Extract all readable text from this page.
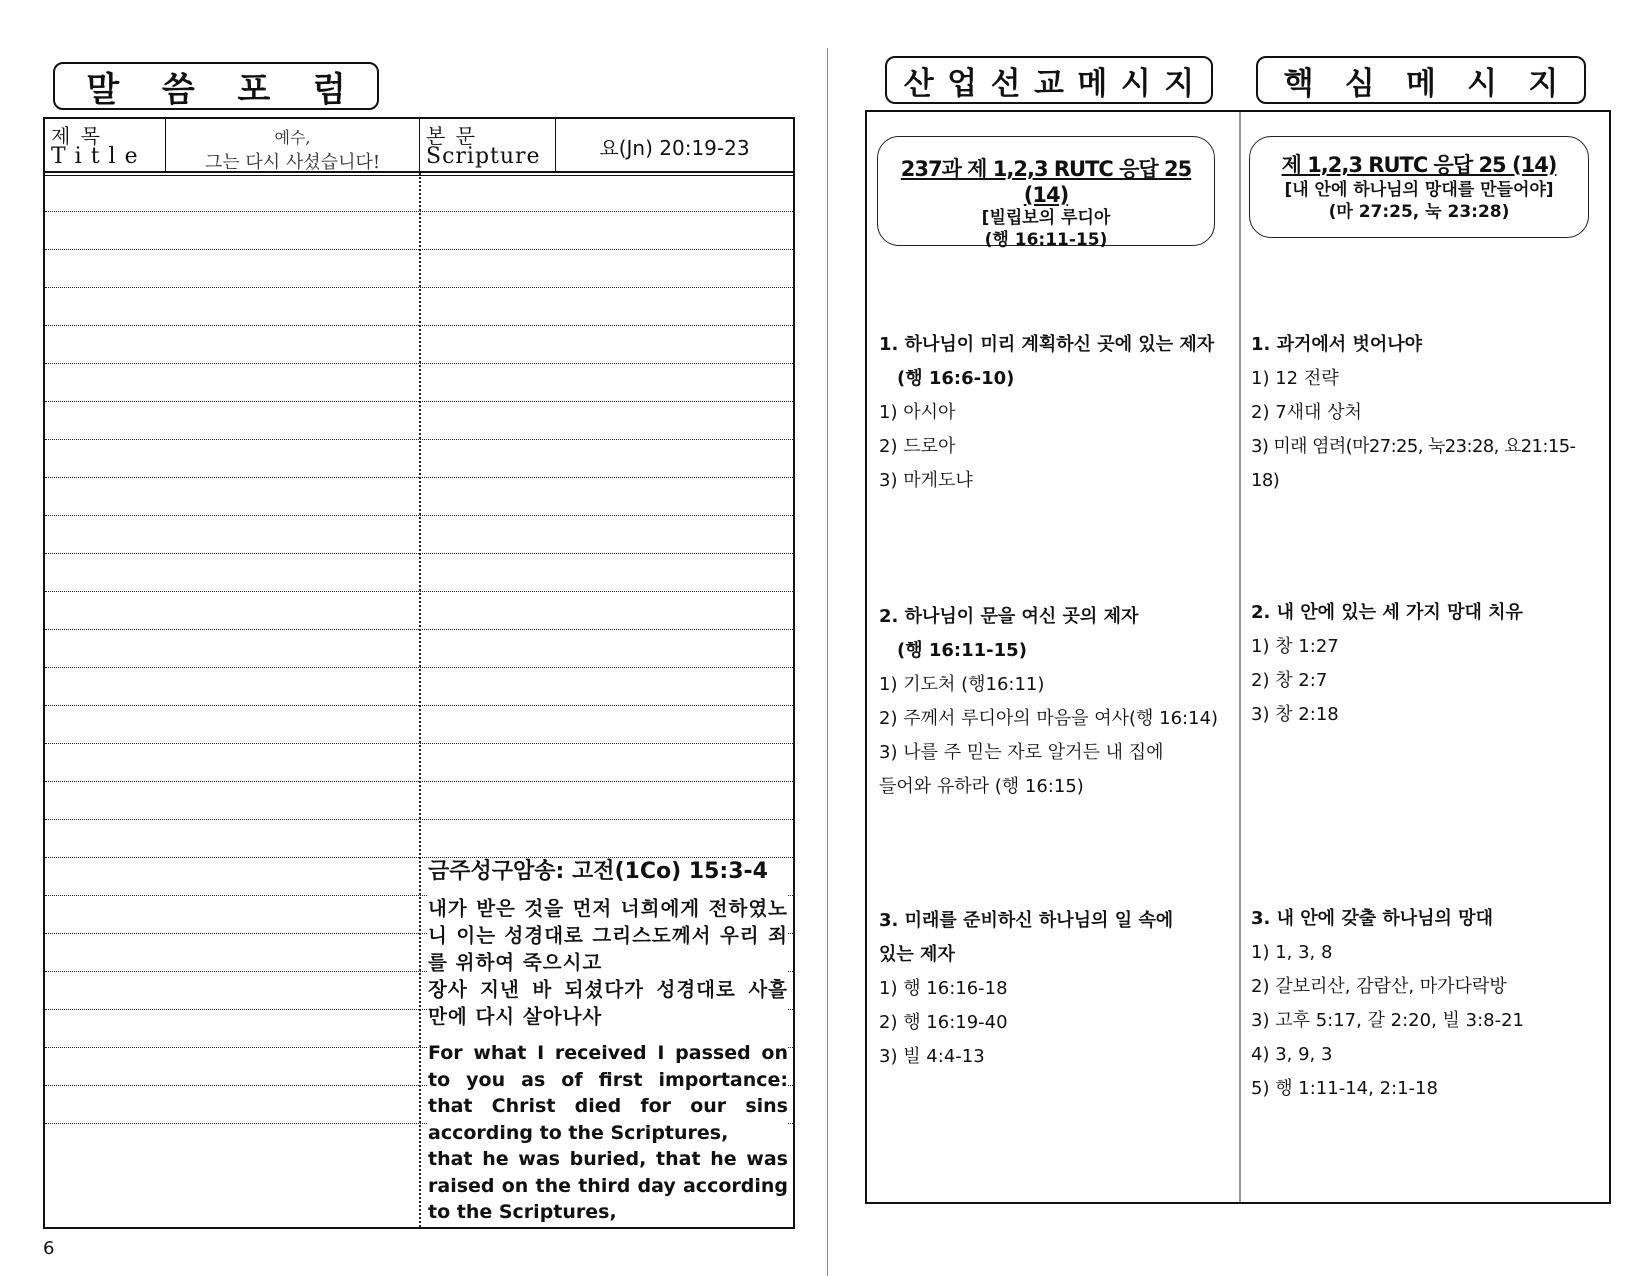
말 씀 포 럼
제 목
Title
예수,
그는 다시 사셨습니다!
본 문
Scripture	요(Jn) 20:19-23
금주성구암송: 고전(1Co) 15:3-4
내가 받은 것을 먼저 너희에게 전하였노니 이는 성경대로 그리스도께서 우리 죄를 위하여 죽으시고
장사 지낸 바 되셨다가 성경대로 사흘 만에 다시 살아나사
For what I received I passed on to you as of first importance: that Christ died for our sins according to the Scriptures,
that he was buried, that he was raised on the third day according to the Scriptures,
6
산 업 선 교 메 시 지	핵 심 메 시 지
237과 제 1,2,3 RUTC 응답 25 (14)
[빌립보의 루디아
(행 16:11-15)
1. 하나님이 미리 계획하신 곳에 있는 제자
(행 16:6-10)
1) 아시아
2) 드로아
3) 마게도냐
2. 하나님이 문을 여신 곳의 제자
(행 16:11-15)
1) 기도처 (행16:11)
2) 주께서 루디아의 마음을 여사(행 16:14)
3) 나를 주 믿는 자로 알거든 내 집에
들어와 유하라 (행 16:15)
3. 미래를 준비하신 하나님의 일 속에
있는 제자
1) 행 16:16-18
2) 행 16:19-40
3) 빌 4:4-13
제 1,2,3 RUTC 응답 25 (14)
[내 안에 하나님의 망대를 만들어야]
(마 27:25, 눅 23:28)
1. 과거에서 벗어나야
1) 12 전략
2) 7새대 상처
3) 미래 염려(마27:25, 눅23:28, 요21:15-18)
2. 내 안에 있는 세 가지 망대 치유
1) 창 1:27
2) 창 2:7
3) 창 2:18
3. 내 안에 갖출 하나님의 망대
1) 1, 3, 8
2) 갈보리산, 감람산, 마가다락방
3) 고후 5:17, 갈 2:20, 빌 3:8-21
4) 3, 9, 3
5) 행 1:11-14, 2:1-18
